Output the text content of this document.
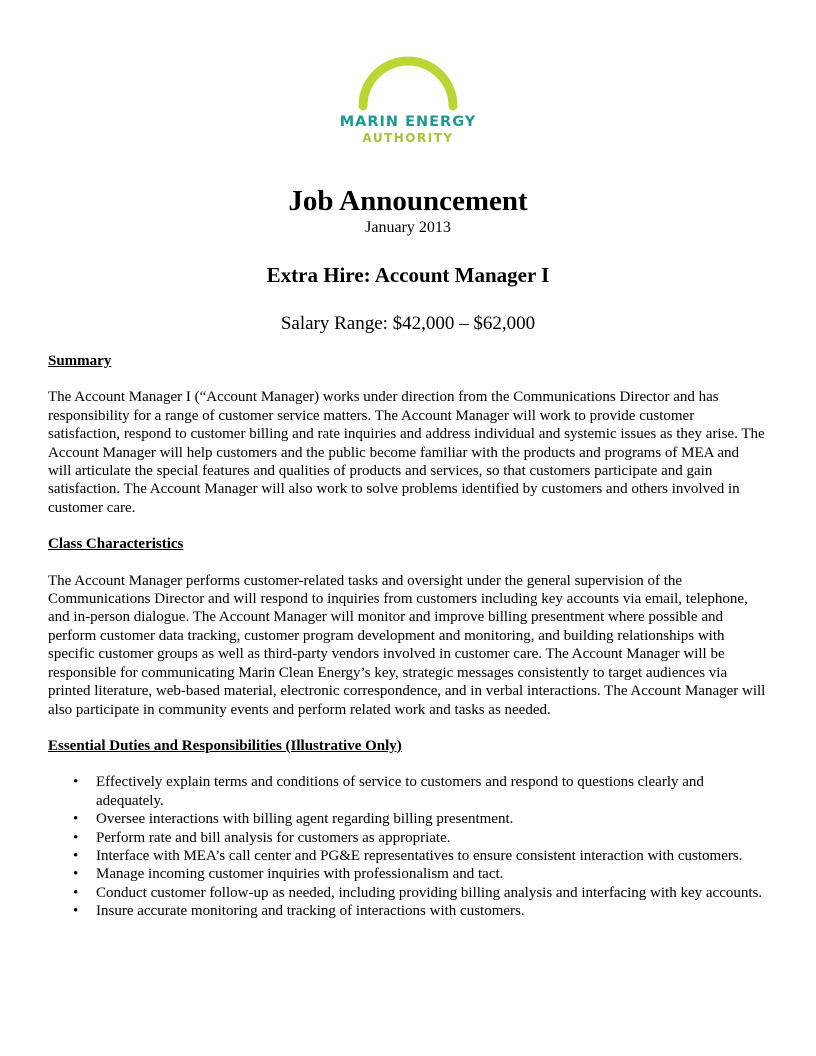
MARIN ENERGY
AUTHORITY
Job Announcement
January 2013
Extra Hire: Account Manager I
Salary Range: $42,000 – $62,000
Summary
The Account Manager I (“Account Manager) works under direction from the Communications Director and has responsibility for a range of customer service matters. The Account Manager will work to provide customer satisfaction, respond to customer billing and rate inquiries and address individual and systemic issues as they arise. The Account Manager will help customers and the public become familiar with the products and programs of MEA and will articulate the special features and qualities of products and services, so that customers participate and gain satisfaction. The Account Manager will also work to solve problems identified by customers and others involved in customer care.
Class Characteristics
The Account Manager performs customer-related tasks and oversight under the general supervision of the Communications Director and will respond to inquiries from customers including key accounts via email, telephone, and in-person dialogue. The Account Manager will monitor and improve billing presentment where possible and perform customer data tracking, customer program development and monitoring, and building relationships with specific customer groups as well as third-party vendors involved in customer care. The Account Manager will be responsible for communicating Marin Clean Energy’s key, strategic messages consistently to target audiences via printed literature, web-based material, electronic correspondence, and in verbal interactions. The Account Manager will also participate in community events and perform related work and tasks as needed.
Essential Duties and Responsibilities (Illustrative Only)
• Effectively explain terms and conditions of service to customers and respond to questions clearly and adequately.
• Oversee interactions with billing agent regarding billing presentment.
• Perform rate and bill analysis for customers as appropriate.
• Interface with MEA’s call center and PG&E representatives to ensure consistent interaction with customers.
• Manage incoming customer inquiries with professionalism and tact.
• Conduct customer follow-up as needed, including providing billing analysis and interfacing with key accounts.
• Insure accurate monitoring and tracking of interactions with customers.
